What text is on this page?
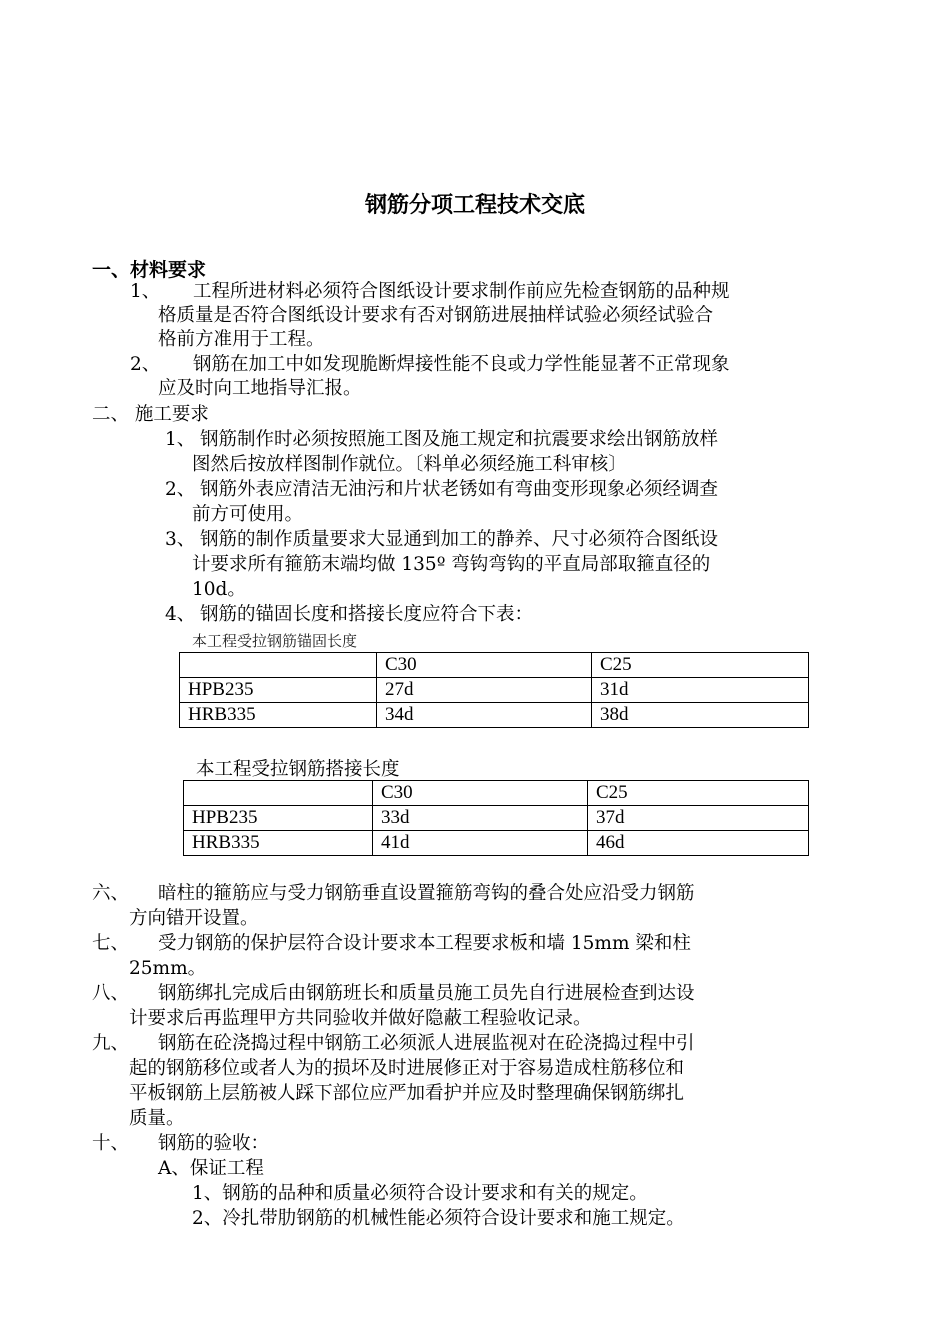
钢筋分项工程技术交底
一、材料要求
1、 工程所进材料必须符合图纸设计要求制作前应先检查钢筋的品种规
格质量是否符合图纸设计要求有否对钢筋进展抽样试验必须经试验合
格前方准用于工程。
2、 钢筋在加工中如发现脆断焊接性能不良或力学性能显著不正常现象
应及时向工地指导汇报。
二、 施工要求
1、 钢筋制作时必须按照施工图及施工规定和抗震要求绘出钢筋放样
图然后按放样图制作就位。〔料单必须经施工科审核〕
2、 钢筋外表应清洁无油污和片状老锈如有弯曲变形现象必须经调查
前方可使用。
3、 钢筋的制作质量要求大显通到加工的静养、尺寸必须符合图纸设
计要求所有箍筋末端均做 135º 弯钩弯钩的平直局部取箍直径的
10d。
4、 钢筋的锚固长度和搭接长度应符合下表：
本工程受拉钢筋锚固长度
	C30	C25
HPB235	27d	31d
HRB335	34d	38d
本工程受拉钢筋搭接长度
	C30	C25
HPB235	33d	37d
HRB335	41d	46d
六、 暗柱的箍筋应与受力钢筋垂直设置箍筋弯钩的叠合处应沿受力钢筋
方向错开设置。
七、 受力钢筋的保护层符合设计要求本工程要求板和墙 15mm 梁和柱
25mm。
八、 钢筋绑扎完成后由钢筋班长和质量员施工员先自行进展检查到达设
计要求后再监理甲方共同验收并做好隐蔽工程验收记录。
九、 钢筋在砼浇捣过程中钢筋工必须派人进展监视对在砼浇捣过程中引
起的钢筋移位或者人为的损坏及时进展修正对于容易造成柱筋移位和
平板钢筋上层筋被人踩下部位应严加看护并应及时整理确保钢筋绑扎
质量。
十、 钢筋的验收：
A、保证工程
1、钢筋的品种和质量必须符合设计要求和有关的规定。
2、冷扎带肋钢筋的机械性能必须符合设计要求和施工规定。
